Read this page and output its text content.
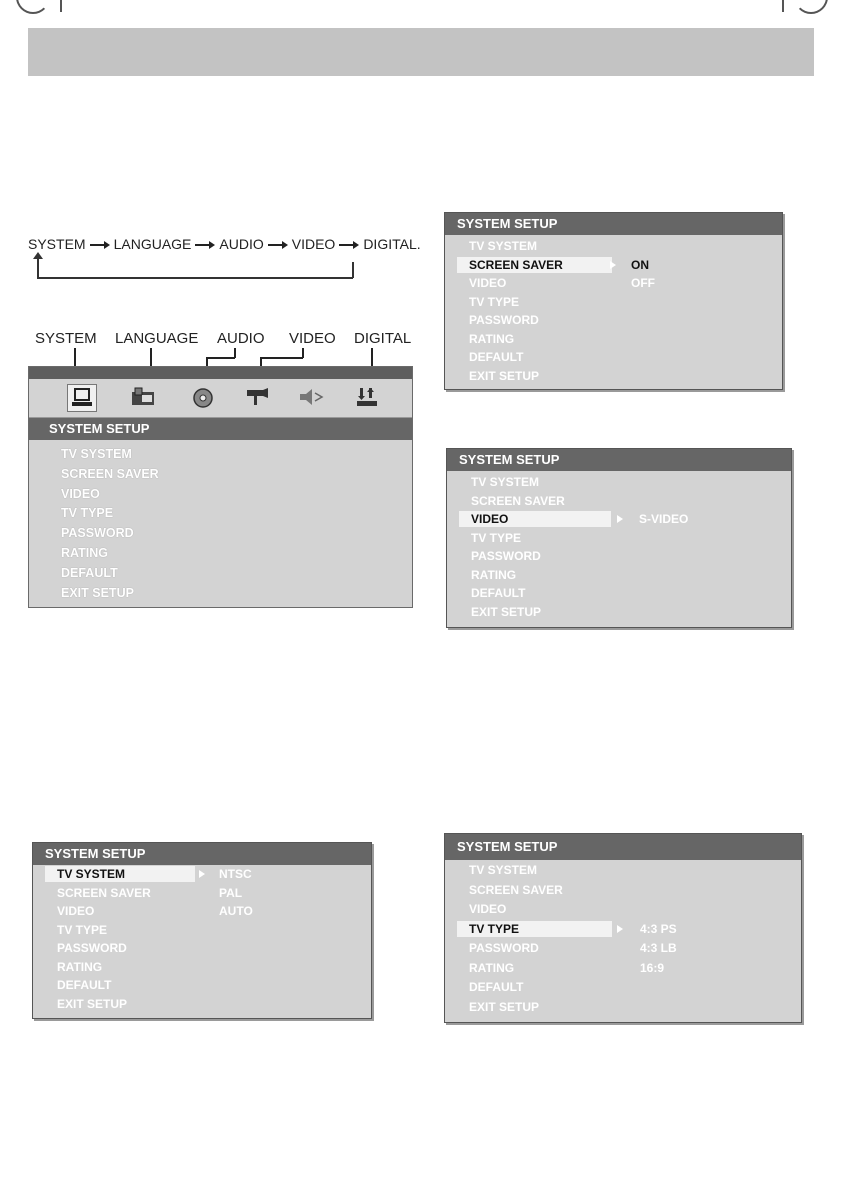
SYSTEM LANGUAGE AUDIO VIDEO DIGITAL.
SYSTEM LANGUAGE AUDIO VIDEO DIGITAL
SYSTEM SETUP
TV SYSTEM
SCREEN SAVER
VIDEO
TV TYPE
PASSWORD
RATING
DEFAULT
EXIT SETUP
SYSTEM SETUP
TV SYSTEM
SCREEN SAVER	ON
VIDEO	OFF
TV TYPE
PASSWORD
RATING
DEFAULT
EXIT SETUP
SYSTEM SETUP
TV SYSTEM
SCREEN SAVER
VIDEO	S-VIDEO
TV TYPE
PASSWORD
RATING
DEFAULT
EXIT SETUP
SYSTEM SETUP
TV SYSTEM	NTSC
SCREEN SAVER	PAL
VIDEO	AUTO
TV TYPE
PASSWORD
RATING
DEFAULT
EXIT SETUP
SYSTEM SETUP
TV SYSTEM
SCREEN SAVER
VIDEO
TV TYPE	4:3 PS
PASSWORD	4:3 LB
RATING	16:9
DEFAULT
EXIT SETUP
